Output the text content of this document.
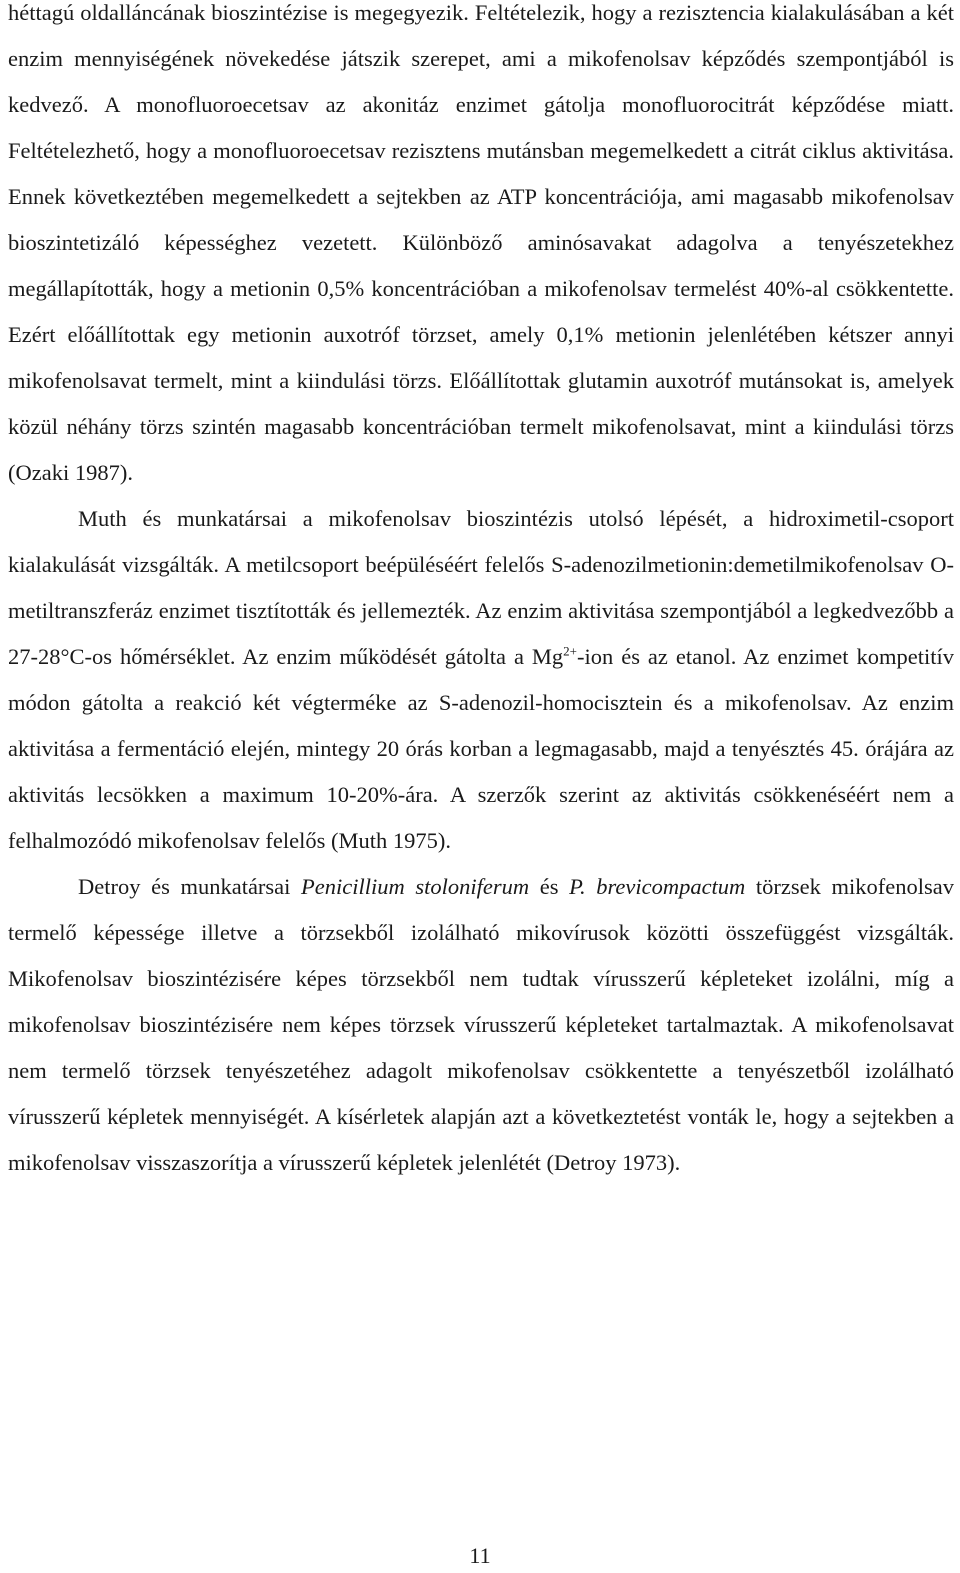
héttagú oldalláncának bioszintézise is megegyezik. Feltételezik, hogy a rezisztencia kialakulásában a két enzim mennyiségének növekedése játszik szerepet, ami a mikofenolsav képződés szempontjából is kedvező. A monofluoroecetsav az akonitáz enzimet gátolja monofluorocitrát képződése miatt. Feltételezhető, hogy a monofluoroecetsav rezisztens mutánsban megemelkedett a citrát ciklus aktivitása. Ennek következtében megemelkedett a sejtekben az ATP koncentrációja, ami magasabb mikofenolsav bioszintetizáló képességhez vezetett. Különböző aminósavakat adagolva a tenyészetekhez megállapították, hogy a metionin 0,5% koncentrációban a mikofenolsav termelést 40%-al csökkentette. Ezért előállítottak egy metionin auxotróf törzset, amely 0,1% metionin jelenlétében kétszer annyi mikofenolsavat termelt, mint a kiindulási törzs. Előállítottak glutamin auxotróf mutánsokat is, amelyek közül néhány törzs szintén magasabb koncentrációban termelt mikofenolsavat, mint a kiindulási törzs (Ozaki 1987).

Muth és munkatársai a mikofenolsav bioszintézis utolsó lépését, a hidroximetil-csoport kialakulását vizsgálták. A metilcsoport beépüléséért felelős S-adenozilmetionin:demetilmikofenolsav O-metiltranszferáz enzimet tisztították és jellemezték. Az enzim aktivitása szempontjából a legkedvezőbb a 27-28°C-os hőmérséklet. Az enzim működését gátolta a $Mg^{2+}$-ion és az etanol. Az enzimet kompetitív módon gátolta a reakció két végterméke az S-adenozil-homocisztein és a mikofenolsav. Az enzim aktivitása a fermentáció elején, mintegy 20 órás korban a legmagasabb, majd a tenyésztés 45. órájára az aktivitás lecsökken a maximum 10-20%-ára. A szerzők szerint az aktivitás csökkenéséért nem a felhalmozódó mikofenolsav felelős (Muth 1975).

Detroy és munkatársai Penicillium stoloniferum és P. brevicompactum törzsek mikofenolsav termelő képessége illetve a törzsekből izolálható mikovírusok közötti összefüggést vizsgálták. Mikofenolsav bioszintézisére képes törzsekből nem tudtak vírusszerű képleteket izolálni, míg a mikofenolsav bioszintézisére nem képes törzsek vírusszerű képleteket tartalmaztak. A mikofenolsavat nem termelő törzsek tenyészetéhez adagolt mikofenolsav csökkentette a tenyészetből izolálható vírusszerű képletek mennyiségét. A kísérletek alapján azt a következtetést vonták le, hogy a sejtekben a mikofenolsav visszaszorítja a vírusszerű képletek jelenlétét (Detroy 1973).

11
